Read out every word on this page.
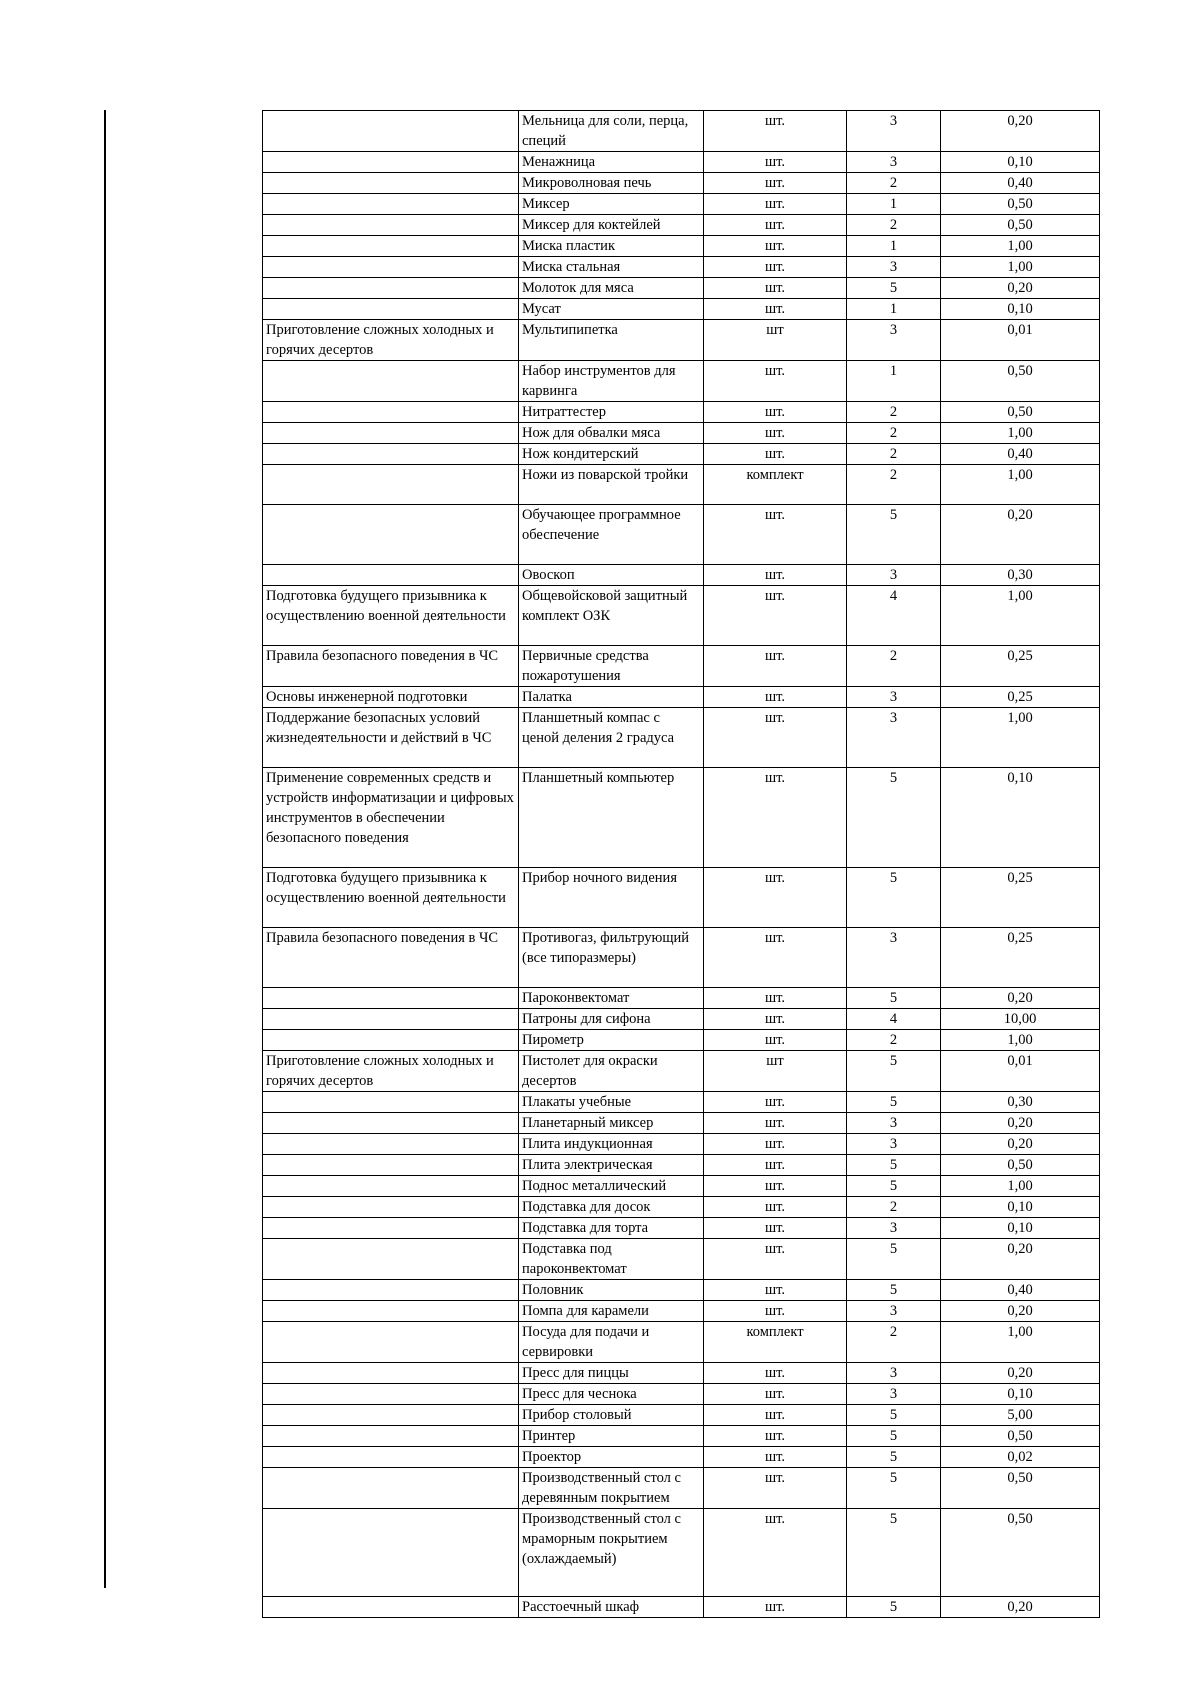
	Мельница для соли, перца, специй	шт.	3	0,20
	Менажница	шт.	3	0,10
	Микроволновая печь	шт.	2	0,40
	Миксер	шт.	1	0,50
	Миксер для коктейлей	шт.	2	0,50
	Миска пластик	шт.	1	1,00
	Миска стальная	шт.	3	1,00
	Молоток для мяса	шт.	5	0,20
	Мусат	шт.	1	0,10
Приготовление сложных холодных и горячих десертов	Мультипипетка	шт	3	0,01
	Набор инструментов для карвинга	шт.	1	0,50
	Нитраттестер	шт.	2	0,50
	Нож для обвалки мяса	шт.	2	1,00
	Нож кондитерский	шт.	2	0,40
	Ножи из поварской тройки	комплект	2	1,00
	Обучающее программное обеспечение	шт.	5	0,20
	Овоскоп	шт.	3	0,30
Подготовка будущего призывника к осуществлению военной деятельности	Общевойсковой защитный комплект ОЗК	шт.	4	1,00
Правила безопасного поведения в ЧС	Первичные средства пожаротушения	шт.	2	0,25
Основы инженерной подготовки	Палатка	шт.	3	0,25
Поддержание безопасных условий жизнедеятельности и действий в ЧС	Планшетный компас с ценой деления 2 градуса	шт.	3	1,00
Применение современных средств и устройств информатизации и цифровых инструментов в обеспечении безопасного поведения	Планшетный компьютер	шт.	5	0,10
Подготовка будущего призывника к осуществлению военной деятельности	Прибор ночного видения	шт.	5	0,25
Правила безопасного поведения в ЧС	Противогаз, фильтрующий (все типоразмеры)	шт.	3	0,25
	Пароконвектомат	шт.	5	0,20
	Патроны для сифона	шт.	4	10,00
	Пирометр	шт.	2	1,00
Приготовление сложных холодных и горячих десертов	Пистолет для окраски десертов	шт	5	0,01
	Плакаты учебные	шт.	5	0,30
	Планетарный миксер	шт.	3	0,20
	Плита индукционная	шт.	3	0,20
	Плита электрическая	шт.	5	0,50
	Поднос металлический	шт.	5	1,00
	Подставка для досок	шт.	2	0,10
	Подставка для торта	шт.	3	0,10
	Подставка под пароконвектомат	шт.	5	0,20
	Половник	шт.	5	0,40
	Помпа для карамели	шт.	3	0,20
	Посуда для подачи и сервировки	комплект	2	1,00
	Пресс для пиццы	шт.	3	0,20
	Пресс для чеснока	шт.	3	0,10
	Прибор столовый	шт.	5	5,00
	Принтер	шт.	5	0,50
	Проектор	шт.	5	0,02
	Производственный стол с деревянным покрытием	шт.	5	0,50
	Производственный стол с мраморным покрытием (охлаждаемый)	шт.	5	0,50
	Расстоечный шкаф	шт.	5	0,20
